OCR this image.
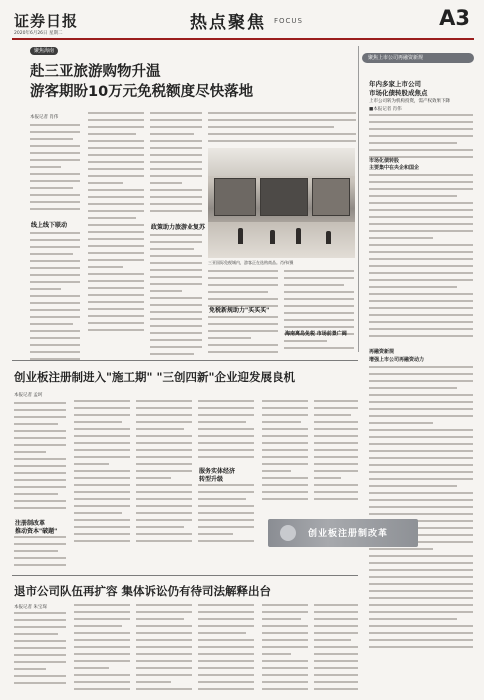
证券日报
2020年6月26日 星期二
热点聚焦 FOCUS	A3
聚焦海南
赴三亚旅游购物升温
游客期盼10万元免税额度尽快落地
本报记者 肖伟
线上线下联动	政策助力旅游业复苏
三亚国际免税城内，游客正在选购商品。肖伟/摄
免税新规助力"买买买"
海南离岛免税 市场前景广阔
聚焦上市公司再融资新规
年内多家上市公司
市场化债转股成焦点
上市公司转为机构投资，需产权效果下降
■本报记者 肖伟
市场化债转股
主要集中在央企和国企
再融资新规
增强上市公司再融资动力
创业板注册制进入"施工期" "三创四新"企业迎发展良机
本报记者 孟珂
注册制改革
推动资本"破题"
服务实体经济
转型升级
创业板注册制改革
退市公司队伍再扩容 集体诉讼仍有待司法解释出台
本报记者 朱宝琛
